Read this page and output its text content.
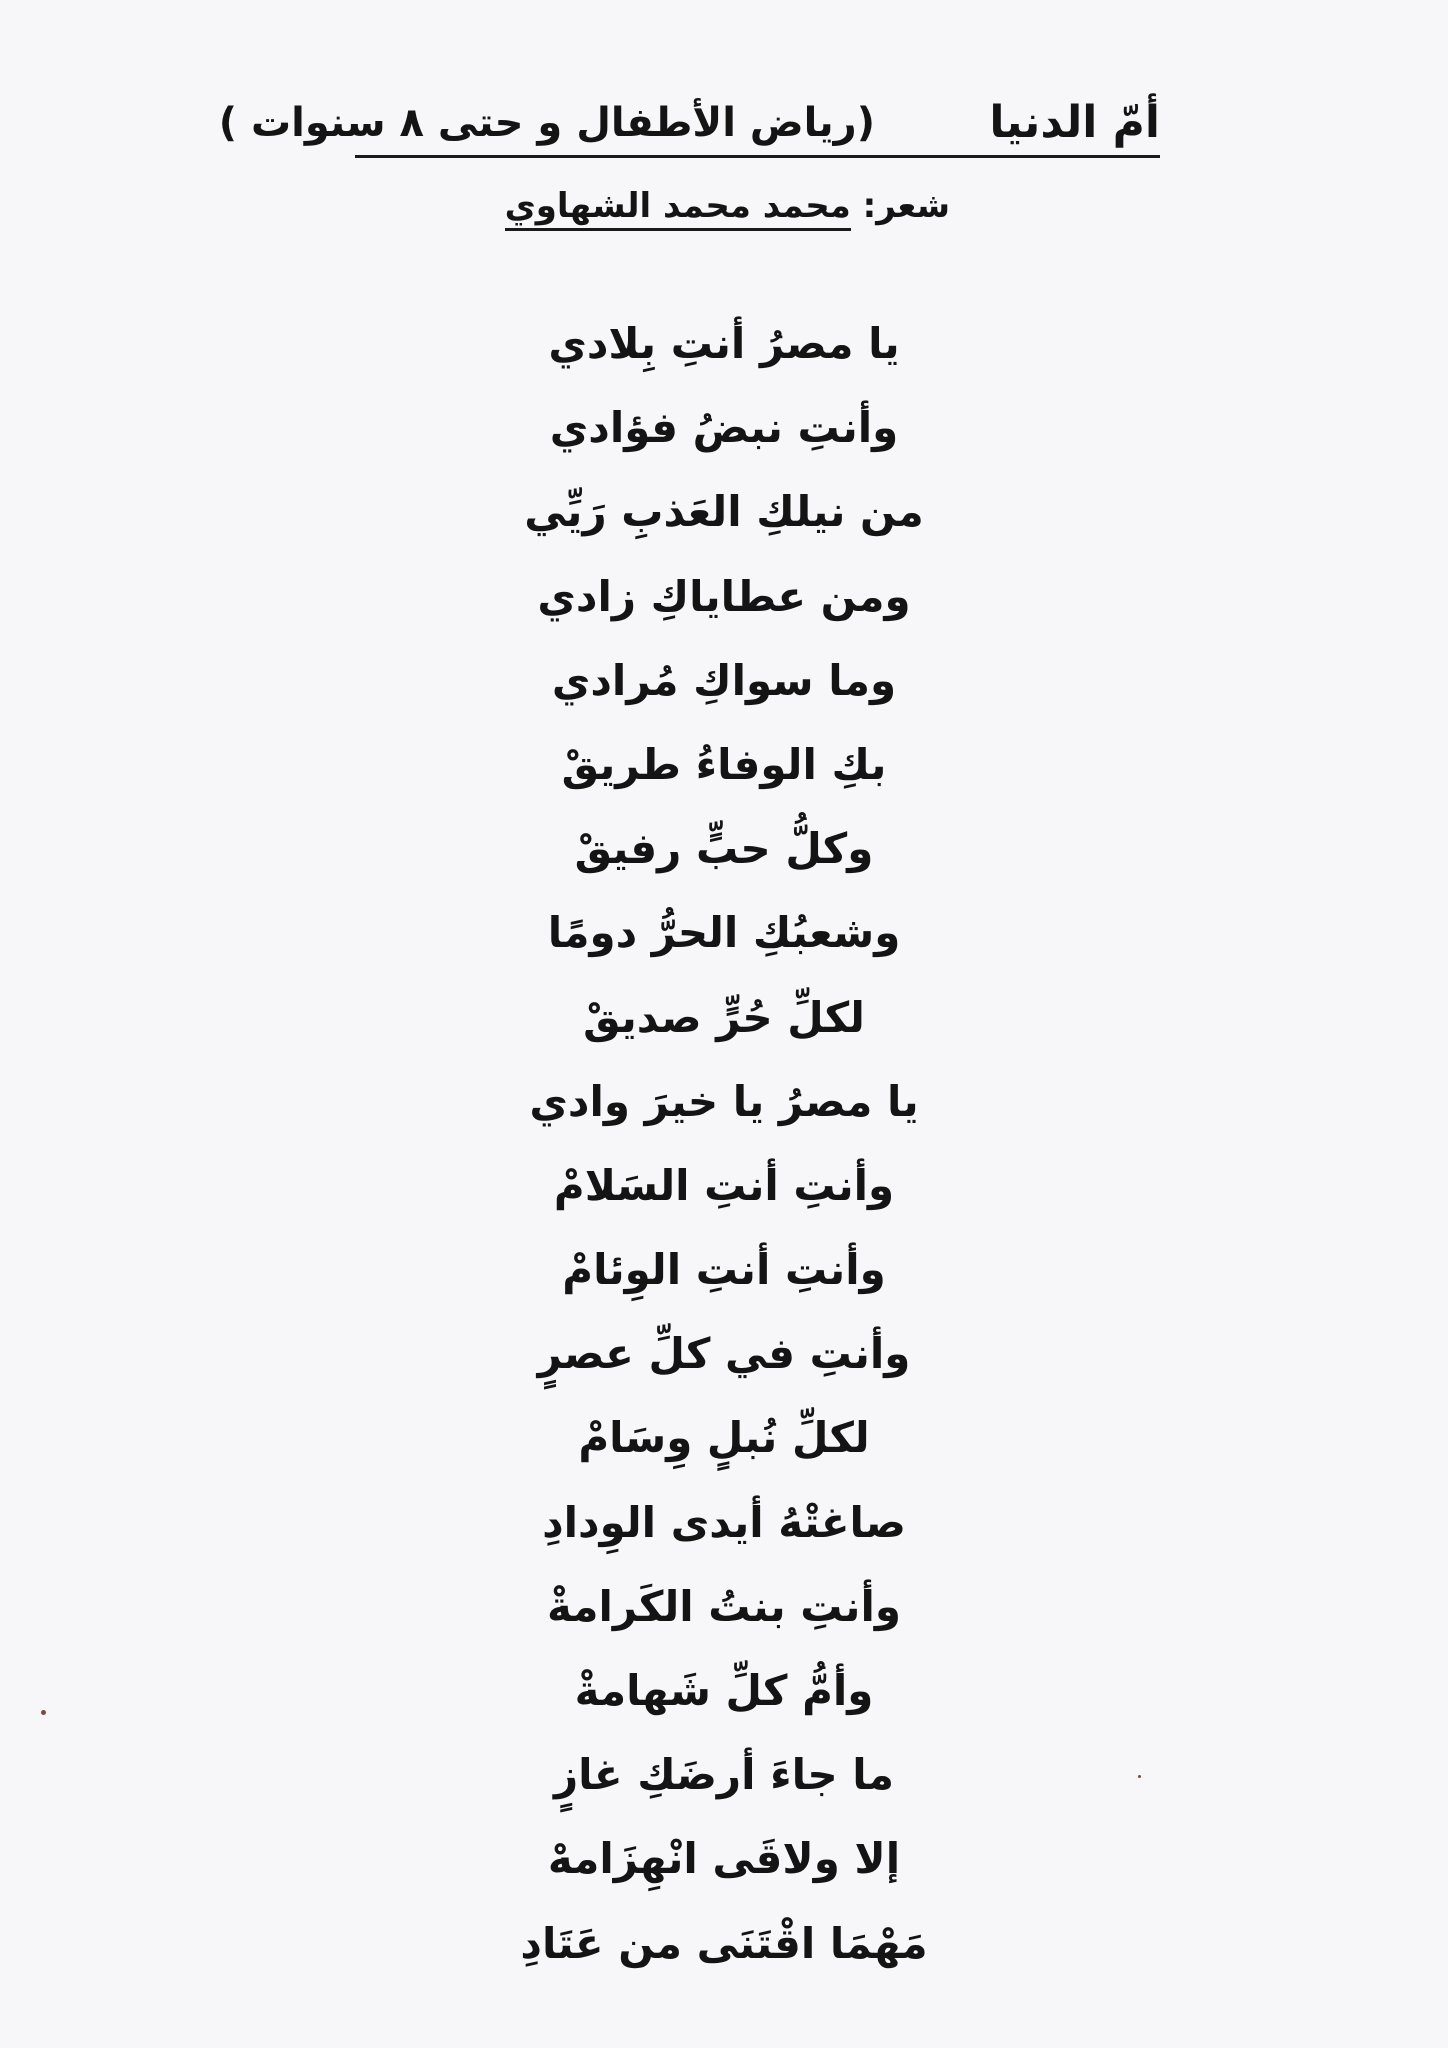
أمّ الدنيا
(رياض الأطفال و حتى ٨ سنوات )
شعر: محمد محمد الشهاوي
يا مصرُ أنتِ بِلادي
وأنتِ نبضُ فؤادي
من نيلكِ العَذبِ رَيِّي
ومن عطاياكِ زادي
وما سواكِ مُرادي
بكِ الوفاءُ طريقْ
وكلُّ حبٍّ رفيقْ
وشعبُكِ الحرُّ دومًا
لكلِّ حُرٍّ صديقْ
يا مصرُ يا خيرَ وادي
وأنتِ أنتِ السَلامْ
وأنتِ أنتِ الوِئامْ
وأنتِ في كلِّ عصرٍ
لكلِّ نُبلٍ وِسَامْ
صاغتْهُ أيدى الوِدادِ
وأنتِ بنتُ الكَرامةْ
وأمُّ كلِّ شَهامةْ
ما جاءَ أرضَكِ غازٍ
إلا ولاقَى انْهِزَامهْ
مَهْمَا اقْتَنَى من عَتَادِ
